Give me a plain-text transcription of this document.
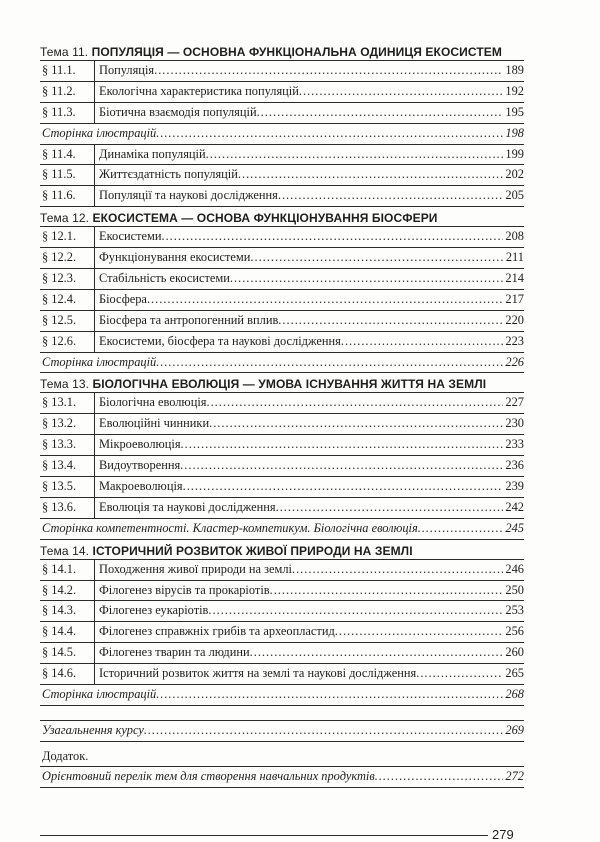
Тема 11. ПОПУЛЯЦІЯ — ОСНОВНА ФУНКЦІОНАЛЬНА ОДИНИЦЯ ЕКОСИСТЕМ
§ 11.1.	Популяція .....	189
§ 11.2.	Екологічна характеристика популяцій .....	192
§ 11.3.	Біотична взаємодія популяцій .....	195
Сторінка ілюстрацій .....	198
§ 11.4.	Динаміка популяцій .....	199
§ 11.5.	Життєздатність популяцій .....	202
§ 11.6.	Популяції та наукові дослідження .....	205
Тема 12. ЕКОСИСТЕМА — ОСНОВА ФУНКЦІОНУВАННЯ БІОСФЕРИ
§ 12.1.	Екосистеми .....	208
§ 12.2.	Функціонування екосистеми .....	211
§ 12.3.	Стабільність екосистеми .....	214
§ 12.4.	Біосфера .....	217
§ 12.5.	Біосфера та антропогенний вплив .....	220
§ 12.6.	Екосистеми, біосфера та наукові дослідження .....	223
Сторінка ілюстрацій .....	226
Тема 13. БІОЛОГІЧНА ЕВОЛЮЦІЯ — УМОВА ІСНУВАННЯ ЖИТТЯ НА ЗЕМЛІ
§ 13.1.	Біологічна еволюція .....	227
§ 13.2.	Еволюційні чинники .....	230
§ 13.3.	Мікроеволюція .....	233
§ 13.4.	Видоутворення .....	236
§ 13.5.	Макроеволюція .....	239
§ 13.6.	Еволюція та наукові дослідження .....	242
Сторінка компетентності. Кластер-компетикум. Біологічна еволюція .....	245
Тема 14. ІСТОРИЧНИЙ РОЗВИТОК ЖИВОЇ ПРИРОДИ НА ЗЕМЛІ
§ 14.1.	Походження живої природи на землі .....	246
§ 14.2.	Філогенез вірусів та прокаріотів .....	250
§ 14.3.	Філогенез еукаріотів .....	253
§ 14.4.	Філогенез справжніх грибів та археопластид .....	256
§ 14.5.	Філогенез тварин та людини .....	260
§ 14.6.	Історичний розвиток життя на землі та наукові дослідження .....	265
Сторінка ілюстрацій .....	268
Узагальнення курсу .....	269
Додаток.
Орієнтовний перелік тем для створення навчальних продуктів .....	272
279
